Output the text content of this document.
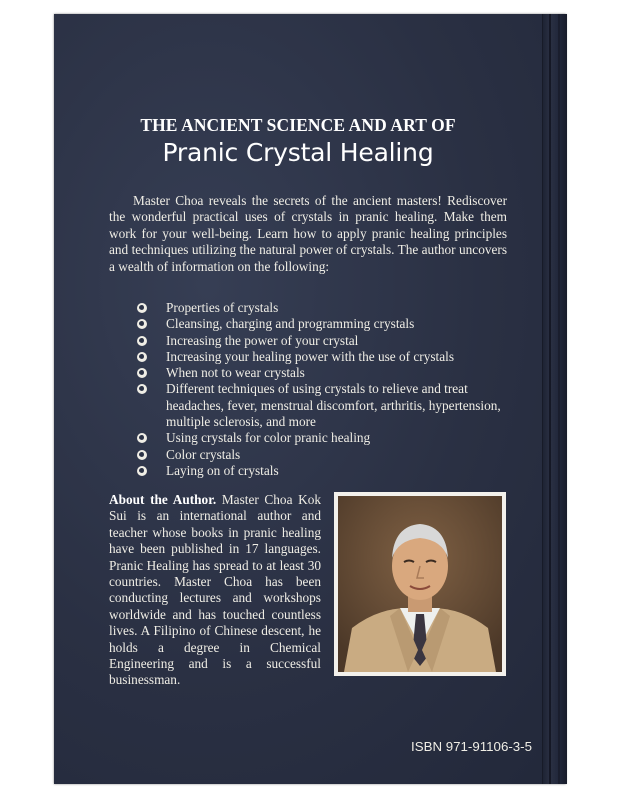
THE ANCIENT SCIENCE AND ART OF
Pranic Crystal Healing

Master Choa reveals the secrets of the ancient masters! Rediscover the wonderful practical uses of crystals in pranic healing. Make them work for your well-being. Learn how to apply pranic healing principles and techniques utilizing the natural power of crystals. The author uncovers a wealth of information on the following:

Properties of crystals
Cleansing, charging and programming crystals
Increasing the power of your crystal
Increasing your healing power with the use of crystals
When not to wear crystals
Different techniques of using crystals to relieve and treat headaches, fever, menstrual discomfort, arthritis, hypertension, multiple sclerosis, and more
Using crystals for color pranic healing
Color crystals
Laying on of crystals

About the Author. Master Choa Kok Sui is an international author and teacher whose books in pranic healing have been published in 17 languages. Pranic Healing has spread to at least 30 countries. Master Choa has been conducting lectures and workshops worldwide and has touched countless lives. A Filipino of Chinese descent, he holds a degree in Chemical Engineering and is a successful businessman.

ISBN 971-91106-3-5
